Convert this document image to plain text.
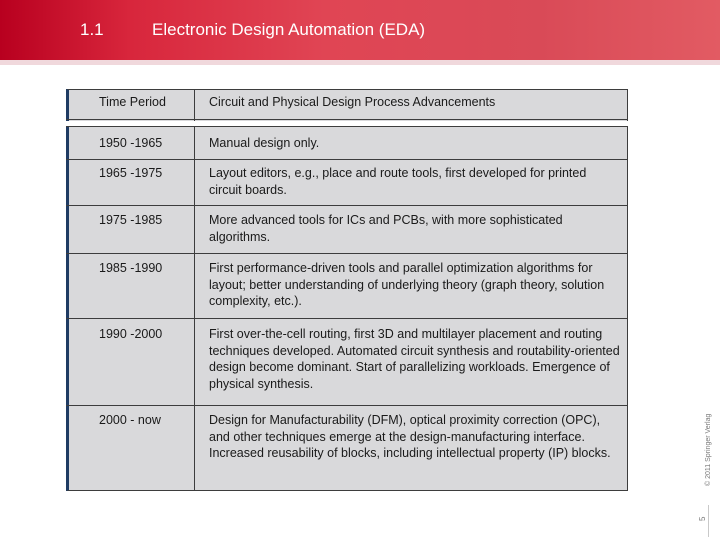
1.1	Electronic Design Automation (EDA)
Time Period	Circuit and Physical Design Process Advancements
1950 -1965	Manual design only.
1965 -1975	Layout editors, e.g., place and route tools, first developed for printed circuit boards.
1975 -1985	More advanced tools for ICs and PCBs, with more sophisticated algorithms.
1985 -1990	First performance-driven tools and parallel optimization algorithms for layout; better understanding of underlying theory (graph theory, solution complexity, etc.).
1990 -2000	First over-the-cell routing, first 3D and multilayer placement and routing techniques developed. Automated circuit synthesis and routability-oriented design become dominant. Start of parallelizing workloads. Emergence of physical synthesis.
2000 - now	Design for Manufacturability (DFM), optical proximity correction (OPC), and other techniques emerge at the design-manufacturing interface. Increased reusability of blocks, including intellectual property (IP) blocks.	© 2011 Springer Verlag
5
